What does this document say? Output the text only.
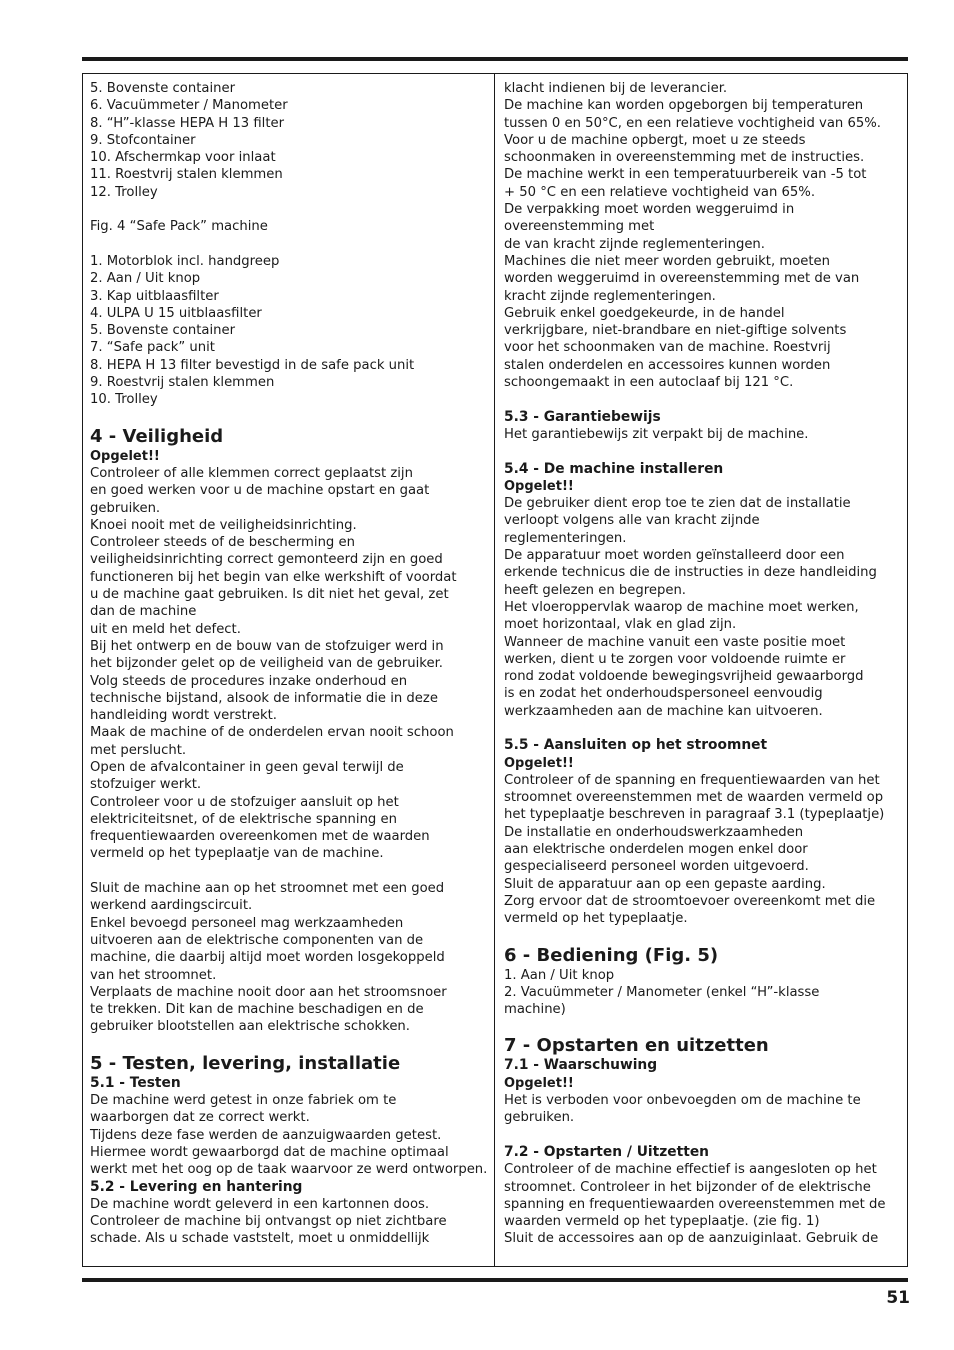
5. Bovenste container
6. Vacuümmeter / Manometer
8. “H”-klasse HEPA H 13 filter
9. Stofcontainer
10. Afschermkap voor inlaat
11. Roestvrij stalen klemmen
12. Trolley
Fig. 4 “Safe Pack” machine
1. Motorblok incl. handgreep
2. Aan / Uit knop
3. Kap uitblaasfilter
4. ULPA U 15 uitblaasfilter
5. Bovenste container
7. “Safe pack” unit
8. HEPA H 13 filter bevestigd in de safe pack unit
9. Roestvrij stalen klemmen
10. Trolley
4 - Veiligheid
Opgelet!!
Controleer of alle klemmen correct geplaatst zijn
en goed werken voor u de machine opstart en gaat
gebruiken.
Knoei nooit met de veiligheidsinrichting.
Controleer steeds of de bescherming en
veiligheidsinrichting correct gemonteerd zijn en goed
functioneren bij het begin van elke werkshift of voordat
u de machine gaat gebruiken. Is dit niet het geval, zet
dan de machine
uit en meld het defect.
Bij het ontwerp en de bouw van de stofzuiger werd in
het bijzonder gelet op de veiligheid van de gebruiker.
Volg steeds de procedures inzake onderhoud en
technische bijstand, alsook de informatie die in deze
handleiding wordt verstrekt.
Maak de machine of de onderdelen ervan nooit schoon
met perslucht.
Open de afvalcontainer in geen geval terwijl de
stofzuiger werkt.
Controleer voor u de stofzuiger aansluit op het
elektriciteitsnet, of de elektrische spanning en
frequentiewaarden overeenkomen met de waarden
vermeld op het typeplaatje van de machine.
Sluit de machine aan op het stroomnet met een goed
werkend aardingscircuit.
Enkel bevoegd personeel mag werkzaamheden
uitvoeren aan de elektrische componenten van de
machine, die daarbij altijd moet worden losgekoppeld
van het stroomnet.
Verplaats de machine nooit door aan het stroomsnoer
te trekken. Dit kan de machine beschadigen en de
gebruiker blootstellen aan elektrische schokken.
5 - Testen, levering, installatie
5.1 - Testen
De machine werd getest in onze fabriek om te
waarborgen dat ze correct werkt.
Tijdens deze fase werden de aanzuigwaarden getest.
Hiermee wordt gewaarborgd dat de machine optimaal
werkt met het oog op de taak waarvoor ze werd ontworpen.
5.2 - Levering en hantering
De machine wordt geleverd in een kartonnen doos.
Controleer de machine bij ontvangst op niet zichtbare
schade. Als u schade vaststelt, moet u onmiddellijk
klacht indienen bij de leverancier.
De machine kan worden opgeborgen bij temperaturen
tussen 0 en 50°C, en een relatieve vochtigheid van 65%.
Voor u de machine opbergt, moet u ze steeds
schoonmaken in overeenstemming met de instructies.
De machine werkt in een temperatuurbereik van -5 tot
+ 50 °C en een relatieve vochtigheid van 65%.
De verpakking moet worden weggeruimd in
overeenstemming met
de van kracht zijnde reglementeringen.
Machines die niet meer worden gebruikt, moeten
worden weggeruimd in overeenstemming met de van
kracht zijnde reglementeringen.
Gebruik enkel goedgekeurde, in de handel
verkrijgbare, niet-brandbare en niet-giftige solvents
voor het schoonmaken van de machine. Roestvrij
stalen onderdelen en accessoires kunnen worden
schoongemaakt in een autoclaaf bij 121 °C.
5.3 - Garantiebewijs
Het garantiebewijs zit verpakt bij de machine.
5.4 - De machine installeren
Opgelet!!
De gebruiker dient erop toe te zien dat de installatie
verloopt volgens alle van kracht zijnde
reglementeringen.
De apparatuur moet worden geïnstalleerd door een
erkende technicus die de instructies in deze handleiding
heeft gelezen en begrepen.
Het vloeroppervlak waarop de machine moet werken,
moet horizontaal, vlak en glad zijn.
Wanneer de machine vanuit een vaste positie moet
werken, dient u te zorgen voor voldoende ruimte er
rond zodat voldoende bewegingsvrijheid gewaarborgd
is en zodat het onderhoudspersoneel eenvoudig
werkzaamheden aan de machine kan uitvoeren.
5.5 - Aansluiten op het stroomnet
Opgelet!!
Controleer of de spanning en frequentiewaarden van het
stroomnet overeenstemmen met de waarden vermeld op
het typeplaatje beschreven in paragraaf 3.1 (typeplaatje)
De installatie en onderhoudswerkzaamheden
aan elektrische onderdelen mogen enkel door
gespecialiseerd personeel worden uitgevoerd.
Sluit de apparatuur aan op een gepaste aarding.
Zorg ervoor dat de stroomtoevoer overeenkomt met die
vermeld op het typeplaatje.
6 - Bediening (Fig. 5)
1. Aan / Uit knop
2. Vacuümmeter / Manometer (enkel “H”-klasse
machine)
7 - Opstarten en uitzetten
7.1 - Waarschuwing
Opgelet!!
Het is verboden voor onbevoegden om de machine te
gebruiken.
7.2 - Opstarten / Uitzetten
Controleer of de machine effectief is aangesloten op het
stroomnet. Controleer in het bijzonder of de elektrische
spanning en frequentiewaarden overeenstemmen met de
waarden vermeld op het typeplaatje. (zie fig. 1)
Sluit de accessoires aan op de aanzuiginlaat. Gebruik de
51
